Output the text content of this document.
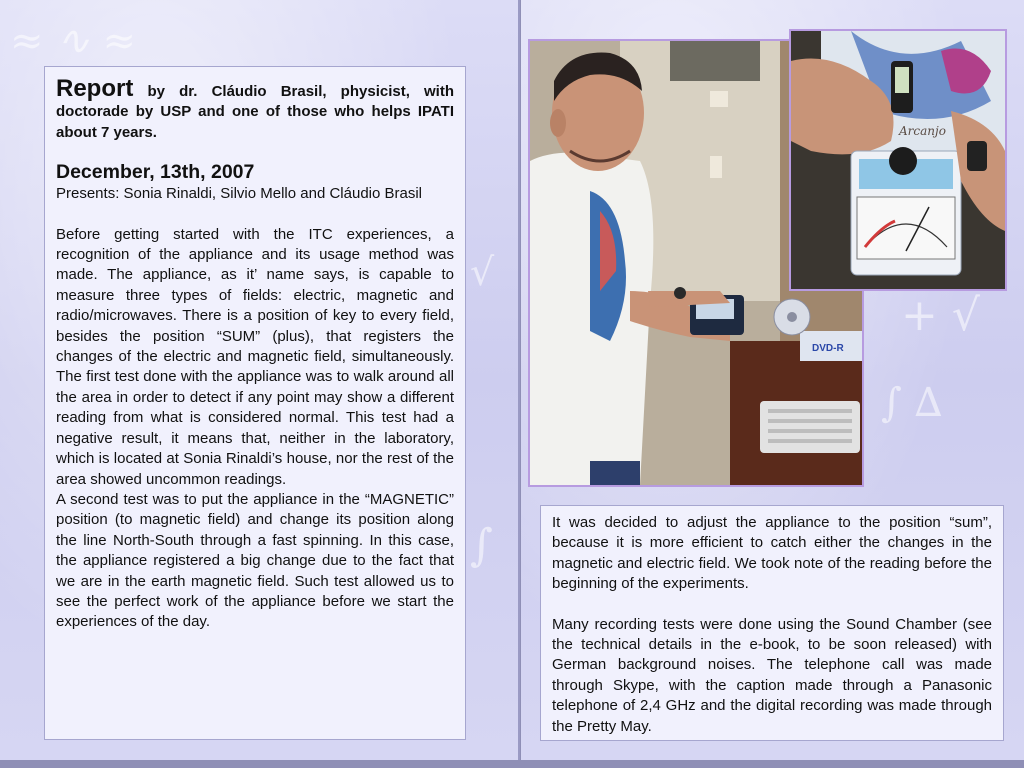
≈ ∿ ≈
√
∫

Report by dr. Cláudio Brasil, physicist, with doctorade by USP and one of those who helps IPATI about 7 years.

December, 13th, 2007

Presents: Sonia Rinaldi, Silvio Mello and Cláudio Brasil

Before getting started with the ITC experiences, a recognition of the appliance and its usage method was made. The appliance, as it’ name says, is capable to measure three types of fields: electric, magnetic and radio/microwaves. There is a position of key to every field, besides the position “SUM” (plus), that registers the changes of the electric and magnetic field, simultaneously. The first test done with the appliance was to walk around all the area in order to detect if any point may show a different reading from what is considered normal. This test had a negative result, it means that, neither in the laboratory, which is located at Sonia Rinaldi’s house, nor the rest of the area showed uncommon readings.

A second test was to put the appliance in the “MAGNETIC” position (to magnetic field) and change its position along the line North-South through a fast spinning. In this case, the appliance registered a big change due to the fact that we are in the earth magnetic field. Such test allowed us to see the perfect work of the appliance before we start the experiences of the day.

+ √
∫ ∆
DVD-R
Arcanjo

It was decided to adjust the appliance to the position “sum”, because it is more efficient to catch either the changes in the magnetic and electric field. We took note of the reading before the beginning of the experiments.

Many recording tests were done using the Sound Chamber (see the technical details in the e-book, to be soon released) with German background noises. The telephone call was made through Skype, with the caption made through a Panasonic telephone of 2,4 GHz and the digital recording was made through the Pretty May.
